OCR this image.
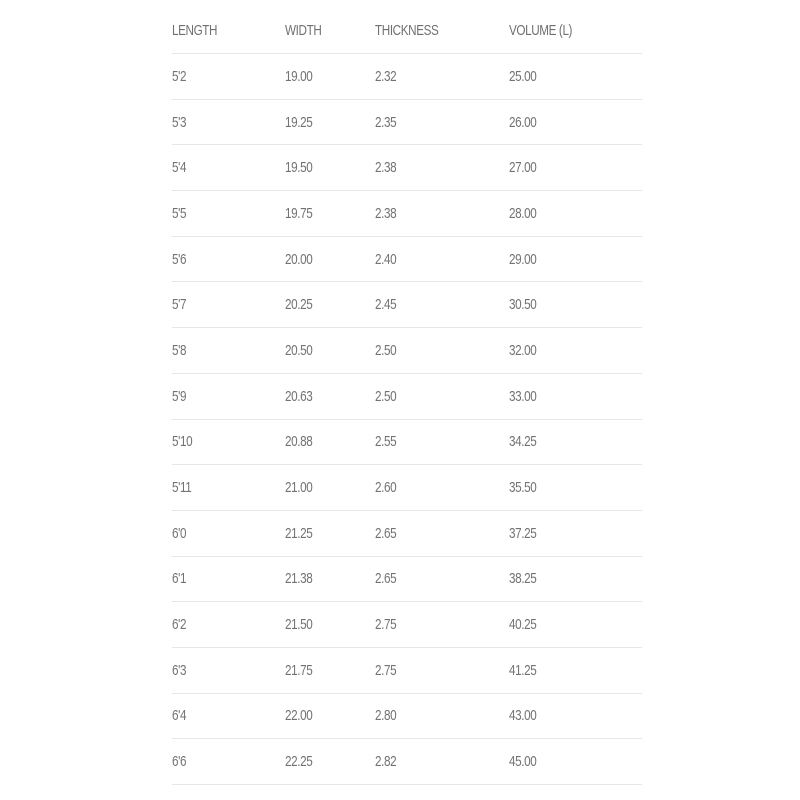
LENGTH	WIDTH	THICKNESS	VOLUME (L)
5'2	19.00	2.32	25.00
5'3	19.25	2.35	26.00
5'4	19.50	2.38	27.00
5'5	19.75	2.38	28.00
5'6	20.00	2.40	29.00
5'7	20.25	2.45	30.50
5'8	20.50	2.50	32.00
5'9	20.63	2.50	33.00
5'10	20.88	2.55	34.25
5'11	21.00	2.60	35.50
6'0	21.25	2.65	37.25
6'1	21.38	2.65	38.25
6'2	21.50	2.75	40.25
6'3	21.75	2.75	41.25
6'4	22.00	2.80	43.00
6'6	22.25	2.82	45.00
